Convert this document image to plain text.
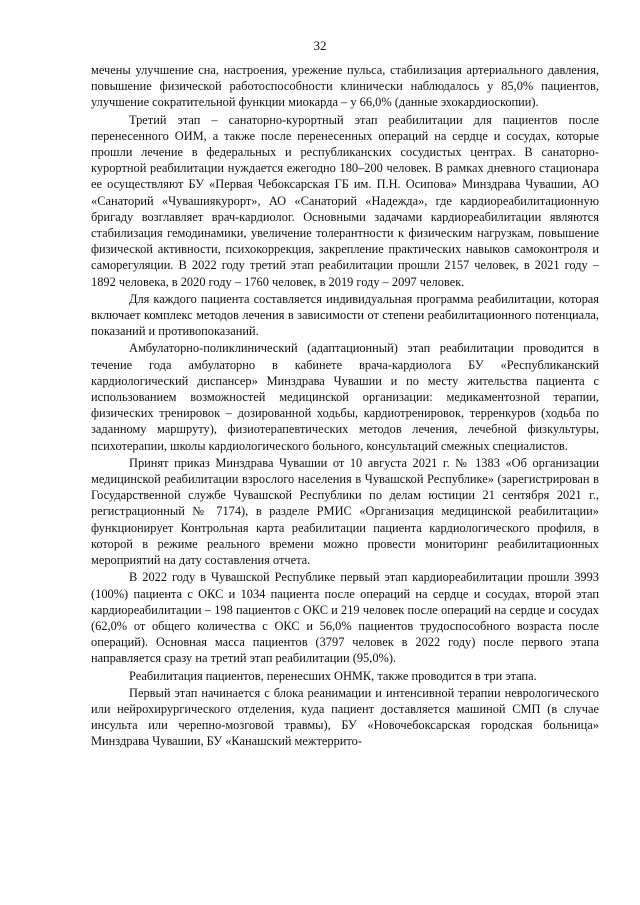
32

мечены улучшение сна, настроения, урежение пульса, стабилизация артериального давления, повышение физической работоспособности клинически наблюдалось у 85,0% пациентов, улучшение сократительной функции миокарда – у 66,0% (данные эхокардиоскопии).

Третий этап – санаторно-курортный этап реабилитации для пациентов после перенесенного ОИМ, а также после перенесенных операций на сердце и сосудах, которые прошли лечение в федеральных и республиканских сосудистых центрах. В санаторно-курортной реабилитации нуждается ежегодно 180–200 человек. В рамках дневного стационара ее осуществляют БУ «Первая Чебоксарская ГБ им. П.Н. Осипова» Минздрава Чувашии, АО «Санаторий «Чувашиякурорт», АО «Санаторий «Надежда», где кардиореабилитационную бригаду возглавляет врач-кардиолог. Основными задачами кардиореабилитации являются стабилизация гемодинамики, увеличение толерантности к физическим нагрузкам, повышение физической активности, психокоррекция, закрепление практических навыков самоконтроля и саморегуляции. В 2022 году третий этап реабилитации прошли 2157 человек, в 2021 году – 1892 человека, в 2020 году – 1760 человек, в 2019 году – 2097 человек.

Для каждого пациента составляется индивидуальная программа реабилитации, которая включает комплекс методов лечения в зависимости от степени реабилитационного потенциала, показаний и противопоказаний.

Амбулаторно-поликлинический (адаптационный) этап реабилитации проводится в течение года амбулаторно в кабинете врача-кардиолога БУ «Республиканский кардиологический диспансер» Минздрава Чувашии и по месту жительства пациента с использованием возможностей медицинской организации: медикаментозной терапии, физических тренировок – дозированной ходьбы, кардиотренировок, терренкуров (ходьба по заданному маршруту), физиотерапевтических методов лечения, лечебной физкультуры, психотерапии, школы кардиологического больного, консультаций смежных специалистов.

Принят приказ Минздрава Чувашии от 10 августа 2021 г. № 1383 «Об организации медицинской реабилитации взрослого населения в Чувашской Республике» (зарегистрирован в Государственной службе Чувашской Республики по делам юстиции 21 сентября 2021 г., регистрационный № 7174), в разделе РМИС «Организация медицинской реабилитации» функционирует Контрольная карта реабилитации пациента кардиологического профиля, в которой в режиме реального времени можно провести мониторинг реабилитационных мероприятий на дату составления отчета.

В 2022 году в Чувашской Республике первый этап кардиореабилитации прошли 3993 (100%) пациента с ОКС и 1034 пациента после операций на сердце и сосудах, второй этап кардиореабилитации – 198 пациентов с ОКС и 219 человек после операций на сердце и сосудах (62,0% от общего количества с ОКС и 56,0% пациентов трудоспособного возраста после операций). Основная масса пациентов (3797 человек в 2022 году) после первого этапа направляется сразу на третий этап реабилитации (95,0%).

Реабилитация пациентов, перенесших ОНМК, также проводится в три этапа.

Первый этап начинается с блока реанимации и интенсивной терапии неврологического или нейрохирургического отделения, куда пациент доставляется машиной СМП (в случае инсульта или черепно-мозговой травмы), БУ «Новочебоксарская городская больница» Минздрава Чувашии, БУ «Канашский межтеррито-
